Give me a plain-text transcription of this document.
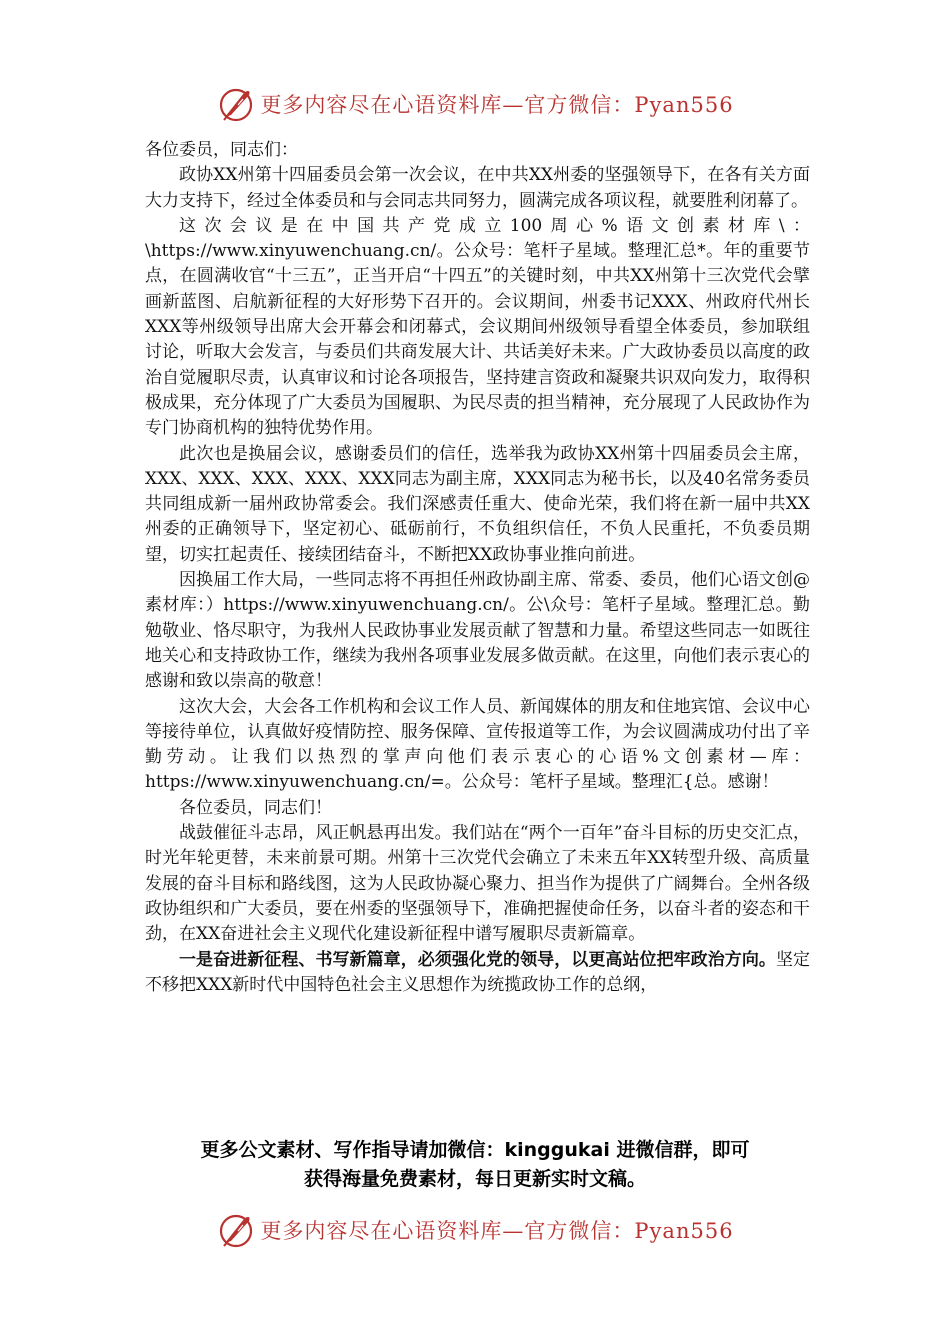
更多内容尽在心语资料库—官方微信：Pyan556

各位委员，同志们：

政协XX州第十四届委员会第一次会议，在中共XX州委的坚强领导下，在各有关方面大力支持下，经过全体委员和与会同志共同努力，圆满完成各项议程，就要胜利闭幕了。

这次会议是在中国共产党成立100周心%语文创素材库\：\https://www.xinyuwenchuang.cn/。公众号：笔杆子星域。整理汇总*。年的重要节点，在圆满收官“十三五”，正当开启“十四五”的关键时刻，中共XX州第十三次党代会擘画新蓝图、启航新征程的大好形势下召开的。会议期间，州委书记XXX、州政府代州长XXX等州级领导出席大会开幕会和闭幕式，会议期间州级领导看望全体委员，参加联组讨论，听取大会发言，与委员们共商发展大计、共话美好未来。广大政协委员以高度的政治自觉履职尽责，认真审议和讨论各项报告，坚持建言资政和凝聚共识双向发力，取得积极成果，充分体现了广大委员为国履职、为民尽责的担当精神，充分展现了人民政协作为专门协商机构的独特优势作用。

此次也是换届会议，感谢委员们的信任，选举我为政协XX州第十四届委员会主席，XXX、XXX、XXX、XXX、XXX同志为副主席，XXX同志为秘书长，以及40名常务委员共同组成新一届州政协常委会。我们深感责任重大、使命光荣，我们将在新一届中共XX州委的正确领导下，坚定初心、砥砺前行，不负组织信任，不负人民重托，不负委员期望，切实扛起责任、接续团结奋斗，不断把XX政协事业推向前进。

因换届工作大局，一些同志将不再担任州政协副主席、常委、委员，他们心语文创@素材库：）https://www.xinyuwenchuang.cn/。公\众号：笔杆子星域。整理汇总。勤勉敬业、恪尽职守，为我州人民政协事业发展贡献了智慧和力量。希望这些同志一如既往地关心和支持政协工作，继续为我州各项事业发展多做贡献。在这里，向他们表示衷心的感谢和致以崇高的敬意！

这次大会，大会各工作机构和会议工作人员、新闻媒体的朋友和住地宾馆、会议中心等接待单位，认真做好疫情防控、服务保障、宣传报道等工作，为会议圆满成功付出了辛勤劳动。让我们以热烈的掌声向他们表示衷心的心语%文创素材—库：https://www.xinyuwenchuang.cn/=。公众号：笔杆子星域。整理汇{总。感谢！

各位委员，同志们！

战鼓催征斗志昂，风正帆悬再出发。我们站在“两个一百年”奋斗目标的历史交汇点，时光年轮更替，未来前景可期。州第十三次党代会确立了未来五年XX转型升级、高质量发展的奋斗目标和路线图，这为人民政协凝心聚力、担当作为提供了广阔舞台。全州各级政协组织和广大委员，要在州委的坚强领导下，准确把握使命任务，以奋斗者的姿态和干劲，在XX奋进社会主义现代化建设新征程中谱写履职尽责新篇章。

一是奋进新征程、书写新篇章，必须强化党的领导，以更高站位把牢政治方向。坚定不移把XXX新时代中国特色社会主义思想作为统揽政协工作的总纲，

更多公文素材、写作指导请加微信：kinggukai 进微信群，即可
获得海量免费素材，每日更新实时文稿。
更多内容尽在心语资料库—官方微信：Pyan556
